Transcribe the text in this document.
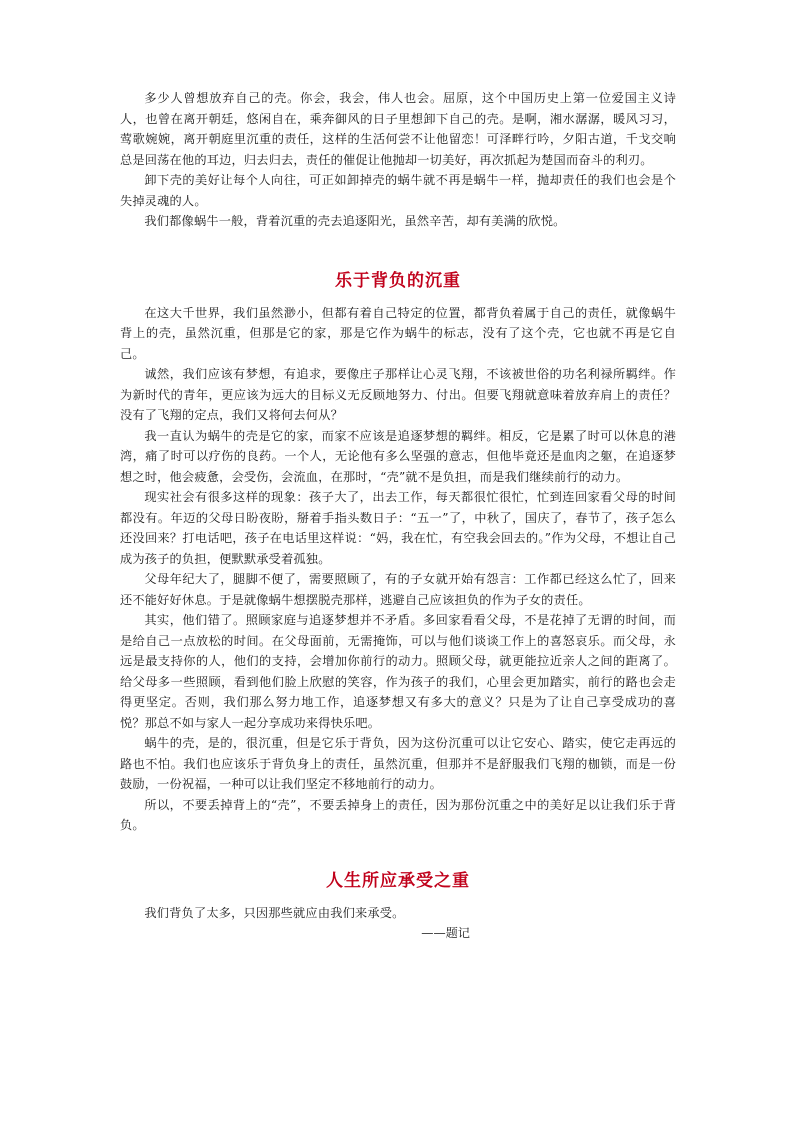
多少人曾想放弃自己的壳。你会，我会，伟人也会。屈原，这个中国历史上第一位爱国主义诗人，也曾在离开朝廷，悠闲自在，乘奔御风的日子里想卸下自己的壳。是啊，湘水潺潺，暖风习习，莺歌婉婉，离开朝庭里沉重的责任，这样的生活何尝不让他留恋！可泽畔行吟，夕阳古道，千戈交响总是回荡在他的耳边，归去归去，责任的催促让他抛却一切美好，再次抓起为楚国而奋斗的利刃。

卸下壳的美好让每个人向往，可正如卸掉壳的蜗牛就不再是蜗牛一样，抛却责任的我们也会是个失掉灵魂的人。

我们都像蜗牛一般，背着沉重的壳去追逐阳光，虽然辛苦，却有美满的欣悦。

乐于背负的沉重

在这大千世界，我们虽然渺小，但都有着自己特定的位置，都背负着属于自己的责任，就像蜗牛背上的壳，虽然沉重，但那是它的家，那是它作为蜗牛的标志，没有了这个壳，它也就不再是它自己。

诚然，我们应该有梦想，有追求，要像庄子那样让心灵飞翔，不该被世俗的功名利禄所羁绊。作为新时代的青年，更应该为远大的目标义无反顾地努力、付出。但要飞翔就意味着放弃肩上的责任？没有了飞翔的定点，我们又将何去何从？

我一直认为蜗牛的壳是它的家，而家不应该是追逐梦想的羁绊。相反，它是累了时可以休息的港湾，痛了时可以疗伤的良药。一个人，无论他有多么坚强的意志，但他毕竟还是血肉之躯，在追逐梦想之时，他会疲惫，会受伤，会流血，在那时，“壳”就不是负担，而是我们继续前行的动力。

现实社会有很多这样的现象：孩子大了，出去工作，每天都很忙很忙，忙到连回家看父母的时间都没有。年迈的父母日盼夜盼，掰着手指头数日子：“五一”了，中秋了，国庆了，春节了，孩子怎么还没回来？打电话吧，孩子在电话里这样说：“妈，我在忙，有空我会回去的。”作为父母，不想让自己成为孩子的负担，便默默承受着孤独。

父母年纪大了，腿脚不便了，需要照顾了，有的子女就开始有怨言：工作都已经这么忙了，回来还不能好好休息。于是就像蜗牛想摆脱壳那样，逃避自己应该担负的作为子女的责任。

其实，他们错了。照顾家庭与追逐梦想并不矛盾。多回家看看父母，不是花掉了无谓的时间，而是给自己一点放松的时间。在父母面前，无需掩饰，可以与他们谈谈工作上的喜怒哀乐。而父母，永远是最支持你的人，他们的支持，会增加你前行的动力。照顾父母，就更能拉近亲人之间的距离了。给父母多一些照顾，看到他们脸上欣慰的笑容，作为孩子的我们，心里会更加踏实，前行的路也会走得更坚定。否则，我们那么努力地工作，追逐梦想又有多大的意义？只是为了让自己享受成功的喜悦？那总不如与家人一起分享成功来得快乐吧。

蜗牛的壳，是的，很沉重，但是它乐于背负，因为这份沉重可以让它安心、踏实，使它走再远的路也不怕。我们也应该乐于背负身上的责任，虽然沉重，但那并不是舒服我们飞翔的枷锁，而是一份鼓励，一份祝福，一种可以让我们坚定不移地前行的动力。

所以，不要丢掉背上的“壳”，不要丢掉身上的责任，因为那份沉重之中的美好足以让我们乐于背负。

人生所应承受之重

我们背负了太多，只因那些就应由我们来承受。

——题记
